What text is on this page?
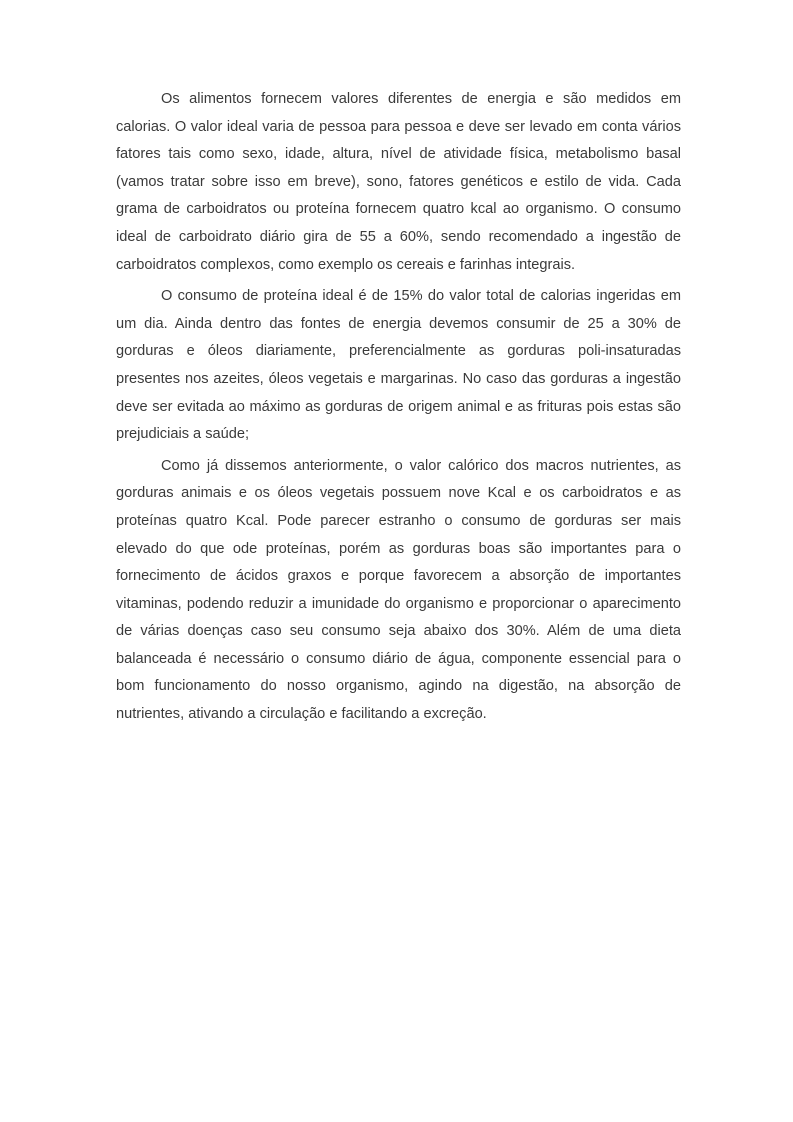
Os alimentos fornecem valores diferentes de energia e são medidos em calorias. O valor ideal varia de pessoa para pessoa e deve ser levado em conta vários fatores tais como sexo, idade, altura, nível de atividade física, metabolismo basal (vamos tratar sobre isso em breve), sono, fatores genéticos e estilo de vida. Cada grama de carboidratos ou proteína fornecem quatro kcal ao organismo. O consumo ideal de carboidrato diário gira de 55 a 60%, sendo recomendado a ingestão de carboidratos complexos, como exemplo os cereais e farinhas integrais.

O consumo de proteína ideal é de 15% do valor total de calorias ingeridas em um dia. Ainda dentro das fontes de energia devemos consumir de 25 a 30% de gorduras e óleos diariamente, preferencialmente as gorduras poli-insaturadas presentes nos azeites, óleos vegetais e margarinas. No caso das gorduras a ingestão deve ser evitada ao máximo as gorduras de origem animal e as frituras pois estas são prejudiciais a saúde;

Como já dissemos anteriormente, o valor calórico dos macros nutrientes, as gorduras animais e os óleos vegetais possuem nove Kcal e os carboidratos e as proteínas quatro Kcal. Pode parecer estranho o consumo de gorduras ser mais elevado do que ode proteínas, porém as gorduras boas são importantes para o fornecimento de ácidos graxos e porque favorecem a absorção de importantes vitaminas, podendo reduzir a imunidade do organismo e proporcionar o aparecimento de várias doenças caso seu consumo seja abaixo dos 30%. Além de uma dieta balanceada é necessário o consumo diário de água, componente essencial para o bom funcionamento do nosso organismo, agindo na digestão, na absorção de nutrientes, ativando a circulação e facilitando a excreção.
